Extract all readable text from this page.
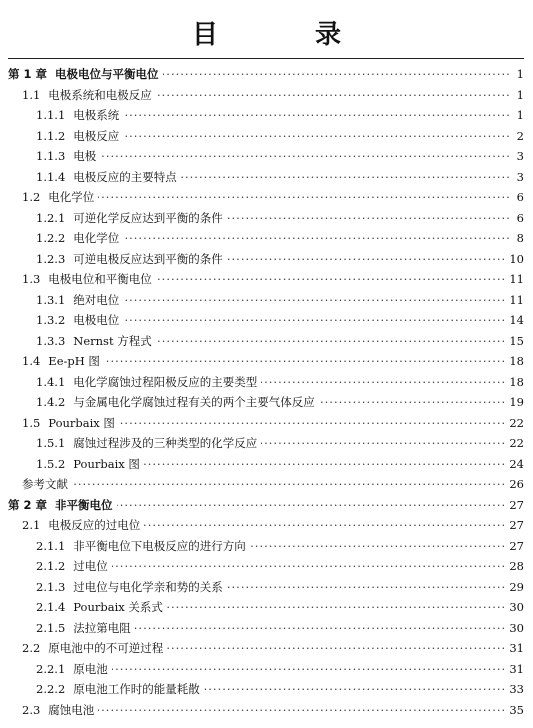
目 录
·····
第 1 章 电极电位与平衡电位	1
·····
1.1 电极系统和电极反应	1
·····
1.1.1 电极系统	1
·····
1.1.2 电极反应	2
·····
1.1.3 电极	3
·····
1.1.4 电极反应的主要特点	3
·····
1.2 电化学位	6
·····
1.2.1 可逆化学反应达到平衡的条件	6
·····
1.2.2 电化学位	8
·····
1.2.3 可逆电极反应达到平衡的条件	10
·····
1.3 电极电位和平衡电位	11
·····
1.3.1 绝对电位	11
·····
1.3.2 电极电位	14
·····
1.3.3 Nernst 方程式	15
·····
1.4 Ee-pH 图	18
·····
1.4.1 电化学腐蚀过程阳极反应的主要类型	18
·····
1.4.2 与金属电化学腐蚀过程有关的两个主要气体反应	19
·····
1.5 Pourbaix 图	22
·····
1.5.1 腐蚀过程涉及的三种类型的化学反应	22
·····
1.5.2 Pourbaix 图	24
·····
参考文献	26
·····
第 2 章 非平衡电位	27
·····
2.1 电极反应的过电位	27
·····
2.1.1 非平衡电位下电极反应的进行方向	27
·····
2.1.2 过电位	28
·····
2.1.3 过电位与电化学亲和势的关系	29
·····
2.1.4 Pourbaix 关系式	30
·····
2.1.5 法拉第电阻	30
·····
2.2 原电池中的不可逆过程	31
·····
2.2.1 原电池	31
·····
2.2.2 原电池工作时的能量耗散	33
·····
2.3 腐蚀电池	35
